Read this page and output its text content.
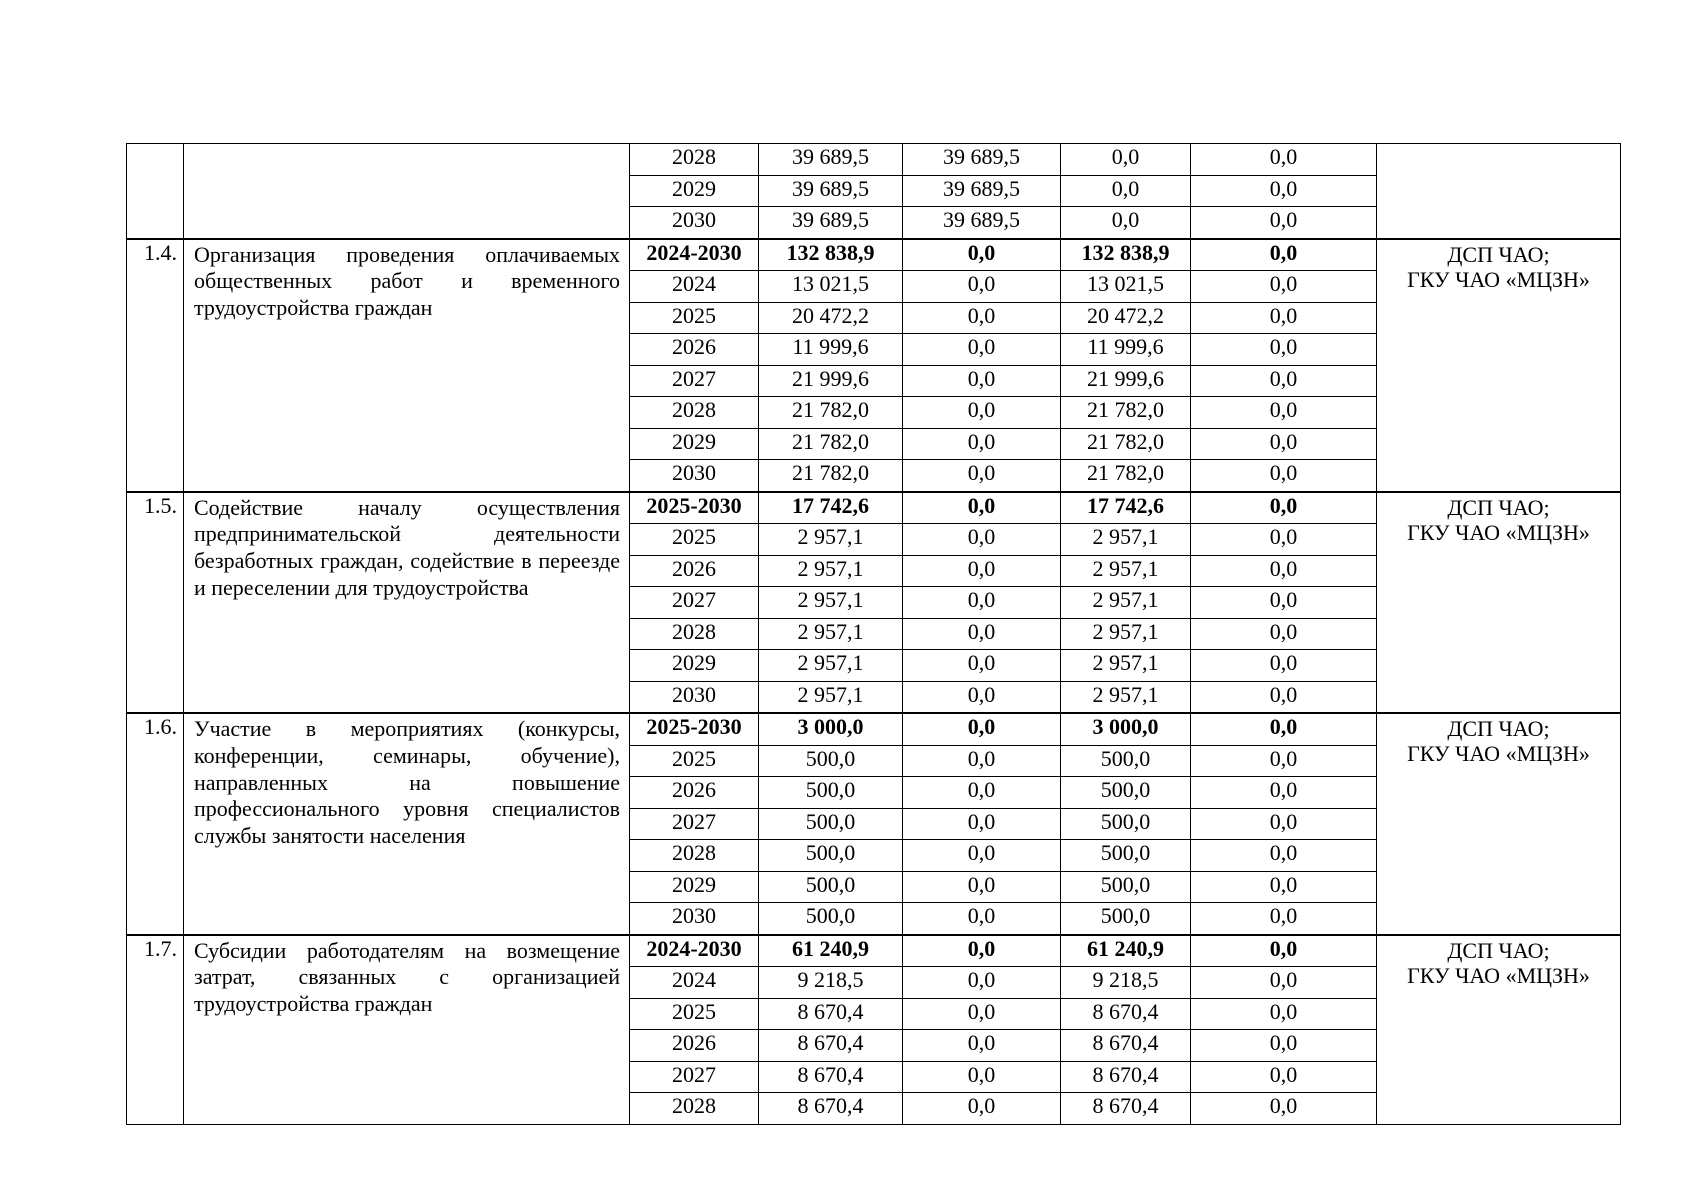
		2028	39 689,5	39 689,5	0,0	0,0	
		2029	39 689,5	39 689,5	0,0	0,0	
		2030	39 689,5	39 689,5	0,0	0,0	
1.4.	Организация проведения оплачиваемых общественных работ и временного трудоустройства граждан	2024-2030	132 838,9	0,0	132 838,9	0,0	ДСП ЧАО;
ГКУ ЧАО «МЦЗН»

		2024	13 021,5	0,0	13 021,5	0,0	
		2025	20 472,2	0,0	20 472,2	0,0	
		2026	11 999,6	0,0	11 999,6	0,0	
		2027	21 999,6	0,0	21 999,6	0,0	
		2028	21 782,0	0,0	21 782,0	0,0	
		2029	21 782,0	0,0	21 782,0	0,0	
		2030	21 782,0	0,0	21 782,0	0,0	
1.5.	Содействие началу осуществления предпринимательской деятельности безработных граждан, содействие в переезде и переселении для трудоустройства	2025-2030	17 742,6	0,0	17 742,6	0,0	ДСП ЧАО;
ГКУ ЧАО «МЦЗН»

		2025	2 957,1	0,0	2 957,1	0,0	
		2026	2 957,1	0,0	2 957,1	0,0	
		2027	2 957,1	0,0	2 957,1	0,0	
		2028	2 957,1	0,0	2 957,1	0,0	
		2029	2 957,1	0,0	2 957,1	0,0	
		2030	2 957,1	0,0	2 957,1	0,0	
1.6.	Участие в мероприятиях (конкурсы, конференции, семинары, обучение), направленных на повышение профессионального уровня специалистов службы занятости населения	2025-2030	3 000,0	0,0	3 000,0	0,0	ДСП ЧАО;
ГКУ ЧАО «МЦЗН»

		2025	500,0	0,0	500,0	0,0	
		2026	500,0	0,0	500,0	0,0	
		2027	500,0	0,0	500,0	0,0	
		2028	500,0	0,0	500,0	0,0	
		2029	500,0	0,0	500,0	0,0	
		2030	500,0	0,0	500,0	0,0	
1.7.	Субсидии работодателям на возмещение затрат, связанных с организацией трудоустройства граждан	2024-2030	61 240,9	0,0	61 240,9	0,0	ДСП ЧАО;
ГКУ ЧАО «МЦЗН»

		2024	9 218,5	0,0	9 218,5	0,0	
		2025	8 670,4	0,0	8 670,4	0,0	
		2026	8 670,4	0,0	8 670,4	0,0	
		2027	8 670,4	0,0	8 670,4	0,0	
		2028	8 670,4	0,0	8 670,4	0,0	
